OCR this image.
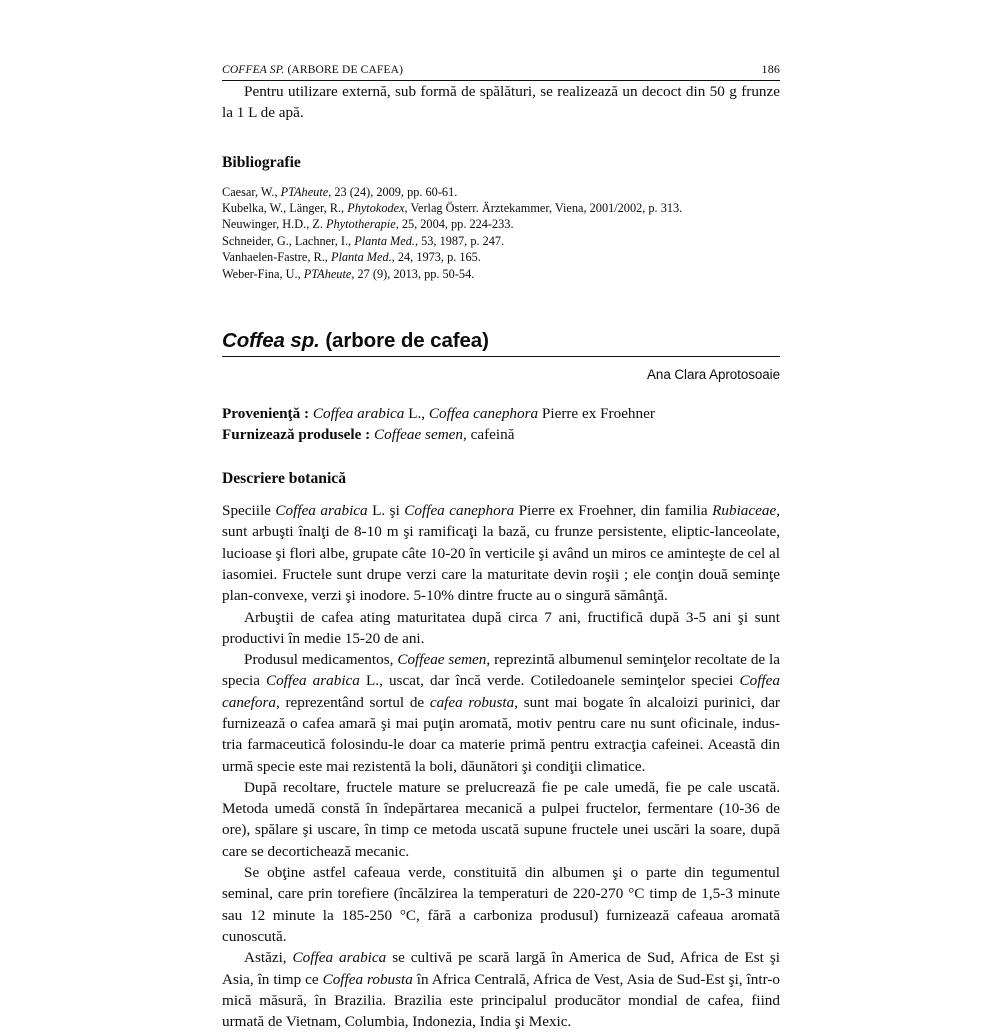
COFFEA SP. (ARBORE DE CAFEA)	186

Pentru utilizare externă, sub formă de spălături, se realizează un decoct din 50 g frunze la 1 L de apă.

Bibliografie
Caesar, W., PTAheute, 23 (24), 2009, pp. 60-61.
Kubelka, W., Länger, R., Phytokodex, Verlag Österr. Ärztekammer, Viena, 2001/2002, p. 313.
Neuwinger, H.D., Z. Phytotherapie, 25, 2004, pp. 224-233.
Schneider, G., Lachner, I., Planta Med., 53, 1987, p. 247.
Vanhaelen-Fastre, R., Planta Med., 24, 1973, p. 165.
Weber-Fina, U., PTAheute, 27 (9), 2013, pp. 50-54.
Coffea sp. (arbore de cafea)
Ana Clara Aprotosoaie
Provenienţă : Coffea arabica L., Coffea canephora Pierre ex Froehner
Furnizează produsele : Coffeae semen, cafeină
Descriere botanică

Speciile Coffea arabica L. şi Coffea canephora Pierre ex Froehner, din familia Rubiaceae, sunt arbuşti înalţi de 8-10 m şi ramificaţi la bază, cu frunze persistente, eliptic-lanceolate, lucioase şi flori albe, grupate câte 10-20 în verticile şi având un miros ce aminteşte de cel al iasomiei. Fructele sunt drupe verzi care la maturitate devin roşii ; ele conţin două seminţe plan-convexe, verzi şi inodore. 5-10% dintre fructe au o singură sămânţă.

Arbuştii de cafea ating maturitatea după circa 7 ani, fructifică după 3-5 ani şi sunt productivi în medie 15-20 de ani.

Produsul medicamentos, Coffeae semen, reprezintă albumenul seminţelor recoltate de la specia Coffea arabica L., uscat, dar încă verde. Cotiledoanele seminţelor speciei Coffea canefora, reprezentând sortul de cafea robusta, sunt mai bogate în alcaloizi purinici, dar furnizează o cafea amară şi mai puţin aromată, motiv pentru care nu sunt oficinale, indus-tria farmaceutică folosindu-le doar ca materie primă pentru extracţia cafeinei. Această din urmă specie este mai rezistentă la boli, dăunători şi condiţii climatice.

După recoltare, fructele mature se prelucrează fie pe cale umedă, fie pe cale uscată. Metoda umedă constă în îndepărtarea mecanică a pulpei fructelor, fermentare (10-36 de ore), spălare şi uscare, în timp ce metoda uscată supune fructele unei uscări la soare, după care se decortichează mecanic.

Se obţine astfel cafeaua verde, constituită din albumen şi o parte din tegumentul seminal, care prin torefiere (încălzirea la temperaturi de 220-270 °C timp de 1,5-3 minute sau 12 minute la 185-250 °C, fără a carboniza produsul) furnizează cafeaua aromată cunoscută.

Astăzi, Coffea arabica se cultivă pe scară largă în America de Sud, Africa de Est şi Asia, în timp ce Coffea robusta în Africa Centrală, Africa de Vest, Asia de Sud-Est şi, într-o mică măsură, în Brazilia. Brazilia este principalul producător mondial de cafea, fiind urmată de Vietnam, Columbia, Indonezia, India şi Mexic.
